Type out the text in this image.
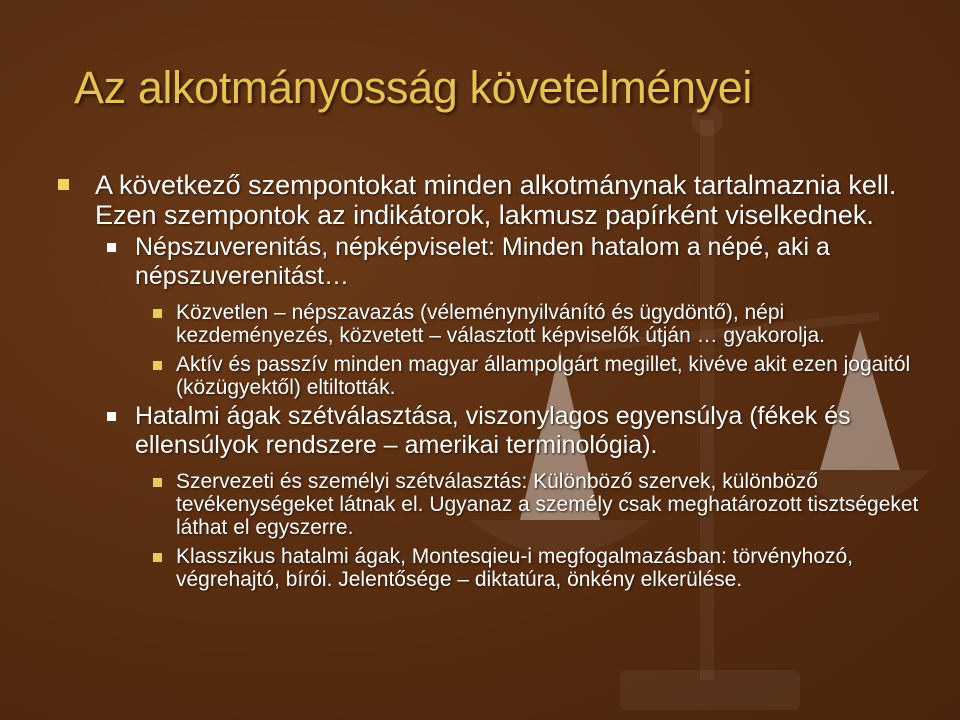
Az alkotmányosság követelményei
A következő szempontokat minden alkotmánynak tartalmaznia kell. Ezen szempontok az indikátorok, lakmusz papírként viselkednek.
Népszuverenitás, népképviselet: Minden hatalom a népé, aki a népszuverenitást…
Közvetlen – népszavazás (véleménynyilvánító és ügydöntő), népi kezdeményezés, közvetett – választott képviselők útján … gyakorolja.
Aktív és passzív minden magyar állampolgárt megillet, kivéve akit ezen jogaitól (közügyektől) eltiltották.
Hatalmi ágak szétválasztása, viszonylagos egyensúlya (fékek és ellensúlyok rendszere – amerikai terminológia).
Szervezeti és személyi szétválasztás: Különböző szervek, különböző tevékenységeket látnak el. Ugyanaz a személy csak meghatározott tisztségeket láthat el egyszerre.
Klasszikus hatalmi ágak, Montesqieu-i megfogalmazásban: törvényhozó, végrehajtó, bírói. Jelentősége – diktatúra, önkény elkerülése.
